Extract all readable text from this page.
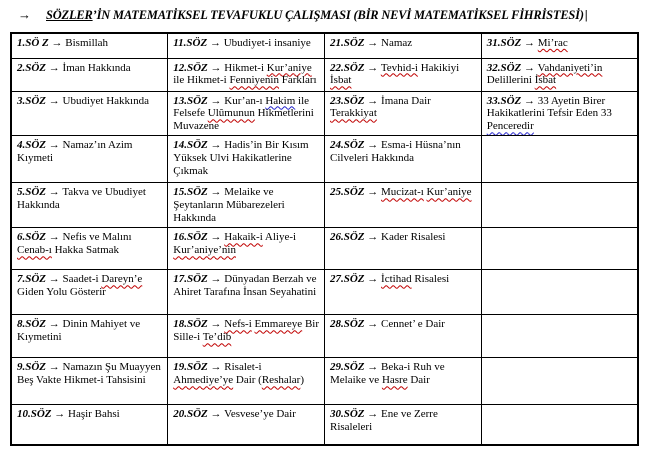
→ SÖZLER’İN MATEMATİKSEL TEVAFUKLU ÇALIŞMASI (BİR NEVİ MATEMATİKSEL FİHRİSTESİ)|
1.SÖ Z → Bismillah	11.SÖZ → Ubudiyet-i insaniye	21.SÖZ → Namaz	31.SÖZ → Mi’rac
2.SÖZ → İman Hakkında	12.SÖZ → Hikmet-i Kur’aniye ile Hikmet-i Fenniyenin Farkları	22.SÖZ → Tevhid-i Hakikiyi İsbat	32.SÖZ → Vahdaniyeti’in Delillerini İsbat
3.SÖZ → Ubudiyet Hakkında	13.SÖZ → Kur’an-ı Hakim ile Felsefe Ulûmunun Hikmetlerini Muvazene	23.SÖZ → İmana Dair Terakkiyat	33.SÖZ → 33 Ayetin Birer Hakikatlerini Tefsir Eden 33 Penceredir
4.SÖZ → Namaz’ın Azim Kıymeti	14.SÖZ → Hadis’in Bir Kısım Yüksek Ulvi Hakikatlerine Çıkmak	24.SÖZ → Esma-i Hüsna’nın Cilveleri Hakkında	
5.SÖZ → Takva ve Ubudiyet Hakkında	15.SÖZ → Melaike ve Şeytanların Mübarezeleri Hakkında	25.SÖZ → Mucizat-ı Kur’aniye	
6.SÖZ → Nefis ve Malını Cenab-ı Hakka Satmak	16.SÖZ → Hakaik-i Aliye-i Kur’aniye’nin	26.SÖZ → Kader Risalesi	
7.SÖZ → Saadet-i Dareyn’e Giden Yolu Gösterir	17.SÖZ → Dünyadan Berzah ve Ahiret Tarafına İnsan Seyahatini	27.SÖZ → İctihad Risalesi	
8.SÖZ → Dinin Mahiyet ve Kıymetini	18.SÖZ → Nefs-i Emmareye Bir Sille-i Te’dib	28.SÖZ → Cennet’ e Dair	
9.SÖZ → Namazın Şu Muayyen Beş Vakte Hikmet-i Tahsisini	19.SÖZ → Risalet-i Ahmediye’ye Dair (Reshalar)	29.SÖZ → Beka-i Ruh ve Melaike ve Hasre Dair	
10.SÖZ → Haşir Bahsi	20.SÖZ → Vesvese’ye Dair	30.SÖZ → Ene ve Zerre Risaleleri	
